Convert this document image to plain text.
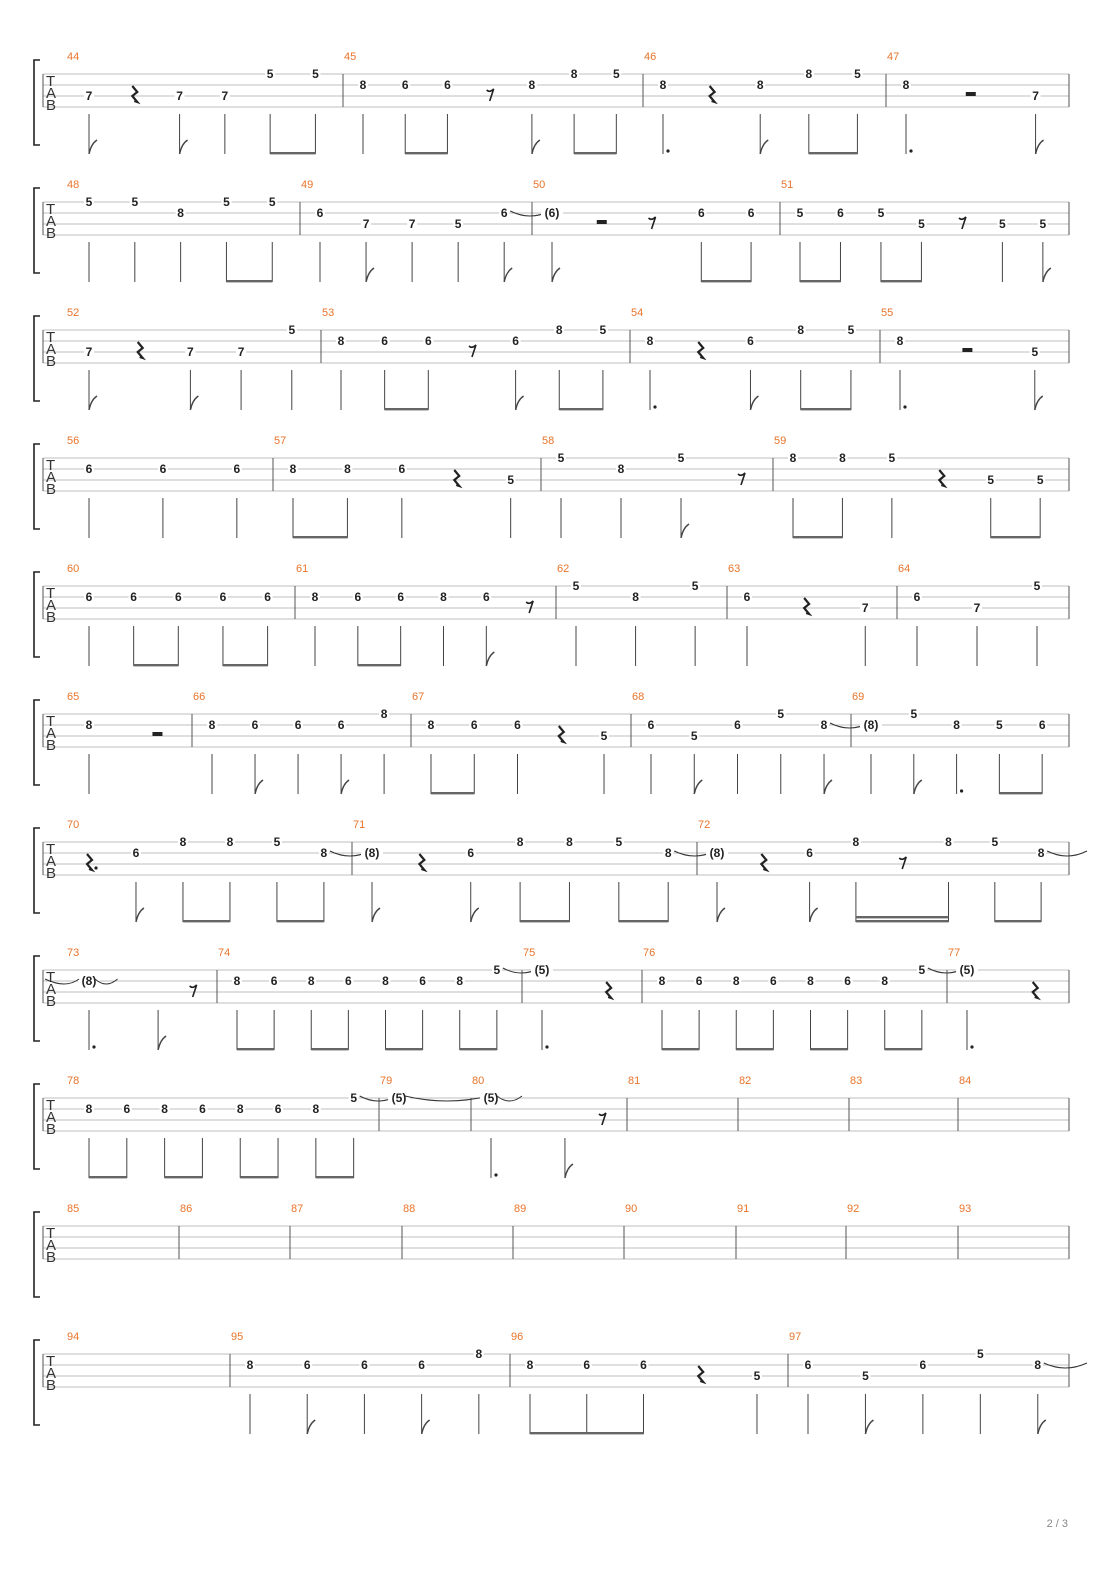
T
A
B
44
7	7	7
5	5
45
8	6	6	8
8	5
46
8	8
8	5
47
8
7
T
A
B
48
5	5
8
5	5
49
6
7	7	5
6
50
(6)	6	6
51
5	6	5
5	5	5
T
A
B
52
7	7	7
5
53
8	6	6	6
8	5
54
8	6
8	5
55
8
5
T
A
B
56
6	6	6
57
8	8	6
5
58
5
8
5
59
8	8	5
5	5
T
A
B
60
6	6	6	6	6
61
8	6	6	8	6
62
5
8
5
63
6
7
64
6
7
5
T
A
B
65
8
66
8	6	6	6
8
67
8	6	6
5
68
6
5
6
5
8
69
(8)
5
8	5	6
T
A
B
70
6
8	8	5
8
71
(8)	6
8	8	5
8
72
(8)	6
8	8	5
8
T
A
B
73
(8)
74
8	6	8	6	8	6	8
5
75
(5)
76
8	6	8	6	8	6	8
5
77
(5)
T
A
B
78
8	6	8	6	8	6	8
5
79
(5)
80
(5)
81	82	83	84
T
A
B
85	86	87	88	89	90	91	92	93
T
A
B
94	95
8	6	6	6
8
96
8	6	6
5
97
6
5
6
5
8
2 / 3
